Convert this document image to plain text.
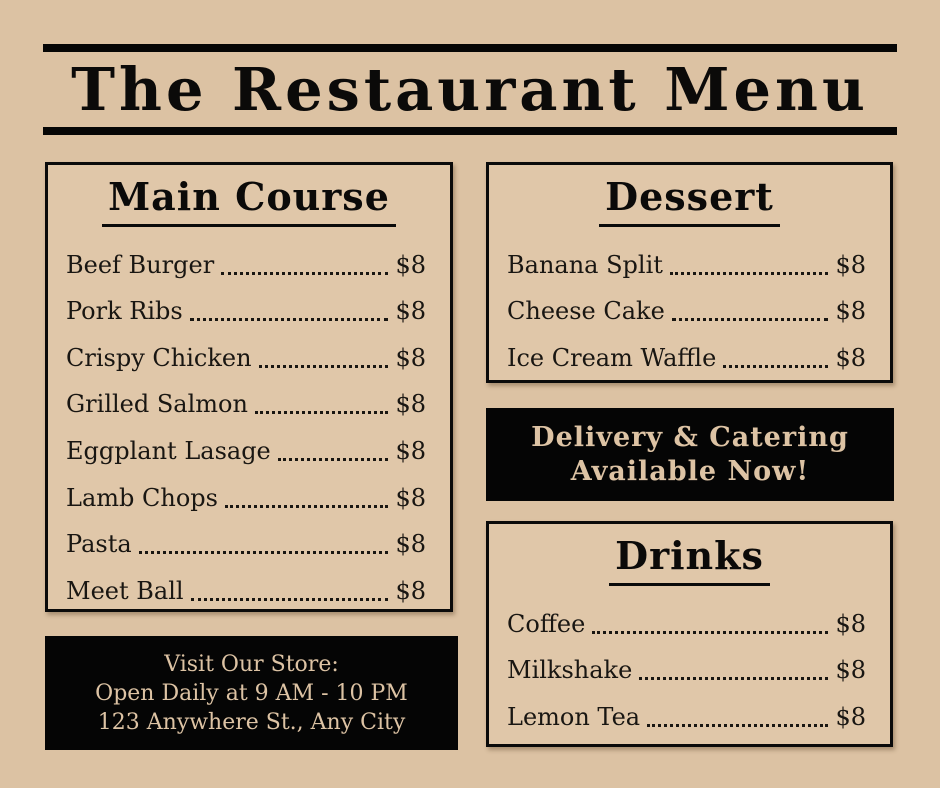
The Restaurant Menu
Main Course
Beef Burger	$8
Pork Ribs	$8
Crispy Chicken	$8
Grilled Salmon	$8
Eggplant Lasage	$8
Lamb Chops	$8
Pasta	$8
Meet Ball	$8
Dessert
Banana Split	$8
Cheese Cake	$8
Ice Cream Waffle	$8
Delivery & Catering
Available Now!
Drinks
Coffee	$8
Milkshake	$8
Lemon Tea	$8
Visit Our Store:
Open Daily at 9 AM - 10 PM
123 Anywhere St., Any City
